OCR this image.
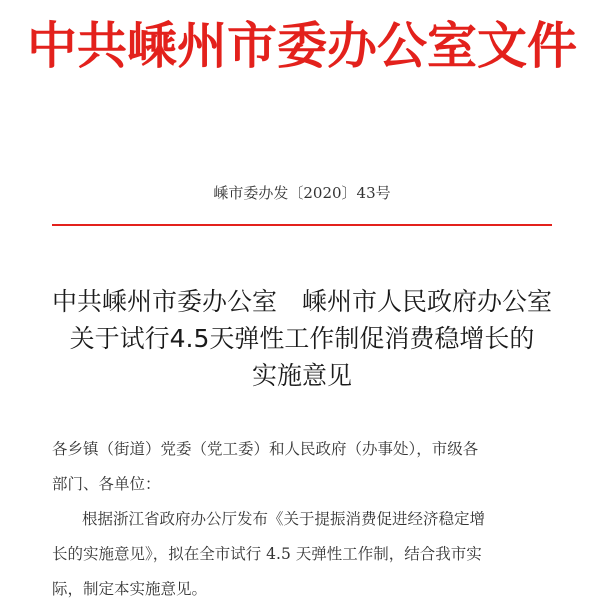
中共嵊州市委办公室文件
嵊市委办发〔2020〕43号
中共嵊州市委办公室　嵊州市人民政府办公室
关于试行4.5天弹性工作制促消费稳增长的
实施意见
各乡镇（街道）党委（党工委）和人民政府（办事处），市级各
部门、各单位：
根据浙江省政府办公厅发布《关于提振消费促进经济稳定增
长的实施意见》，拟在全市试行 4.5 天弹性工作制，结合我市实
际，制定本实施意见。
